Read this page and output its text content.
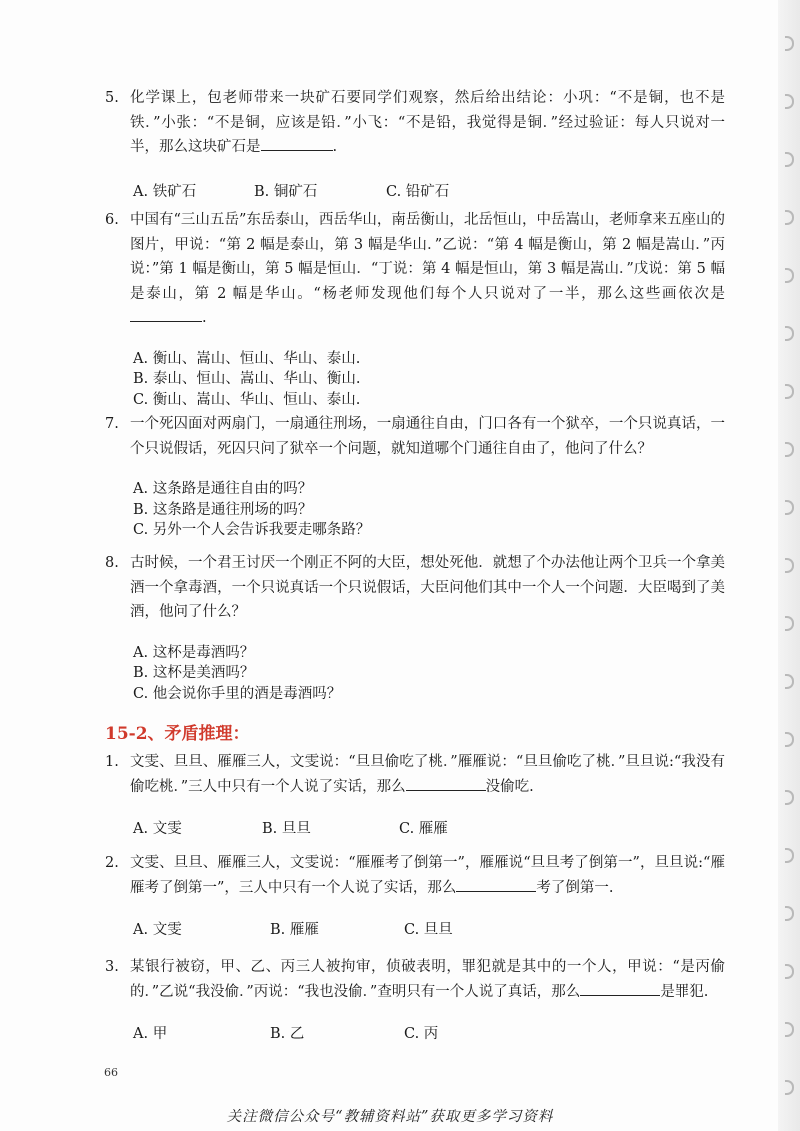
5. 化学课上，包老师带来一块矿石要同学们观察，然后给出结论：小巩：“不是铜，也不是铁．”小张：“不是铜，应该是铅．”小飞：“不是铅，我觉得是铜．”经过验证：每人只说对一半，那么这块矿石是	.
A. 铁矿石	B. 铜矿石	C. 铅矿石
6. 中国有“三山五岳”东岳泰山，西岳华山，南岳衡山，北岳恒山，中岳嵩山，老师拿来五座山的图片，甲说：“第 2 幅是泰山，第 3 幅是华山．”乙说：“第 4 幅是衡山，第 2 幅是嵩山．”丙说：”第 1 幅是衡山，第 5 幅是恒山．“丁说：第 4 幅是恒山，第 3 幅是嵩山．”戊说：第 5 幅是泰山，第 2 幅是华山。“杨老师发现他们每个人只说对了一半，那么这些画依次是.
A. 衡山、嵩山、恒山、华山、泰山.
B. 泰山、恒山、嵩山、华山、衡山.
C. 衡山、嵩山、华山、恒山、泰山.
7. 一个死囚面对两扇门，一扇通往刑场，一扇通往自由，门口各有一个狱卒，一个只说真话，一个只说假话，死囚只问了狱卒一个问题，就知道哪个门通往自由了，他问了什么？
A. 这条路是通往自由的吗？
B. 这条路是通往刑场的吗？
C. 另外一个人会告诉我要走哪条路？
8. 古时候，一个君王讨厌一个刚正不阿的大臣，想处死他．就想了个办法他让两个卫兵一个拿美酒一个拿毒酒，一个只说真话一个只说假话，大臣问他们其中一个人一个问题．大臣喝到了美酒，他问了什么？
A. 这杯是毒酒吗？
B. 这杯是美酒吗？
C. 他会说你手里的酒是毒酒吗？
15-2、矛盾推理：
1. 文雯、旦旦、雁雁三人，文雯说：“旦旦偷吃了桃．”雁雁说：“旦旦偷吃了桃．”旦旦说:“我没有偷吃桃．”三人中只有一个人说了实话，那么	没偷吃.
A. 文雯	B. 旦旦	C. 雁雁
2. 文雯、旦旦、雁雁三人，文雯说：“雁雁考了倒第一”，雁雁说“旦旦考了倒第一”，旦旦说:“雁雁考了倒第一”，三人中只有一个人说了实话，那么	考了倒第一.
A. 文雯	B. 雁雁	C. 旦旦
3. 某银行被窃，甲、乙、丙三人被拘审，侦破表明，罪犯就是其中的一个人，甲说：“是丙偷的．”乙说“我没偷．”丙说：“我也没偷．”查明只有一个人说了真话，那么	是罪犯.
A. 甲	B. 乙	C. 丙
66
关注微信公众号“教辅资料站”获取更多学习资料
